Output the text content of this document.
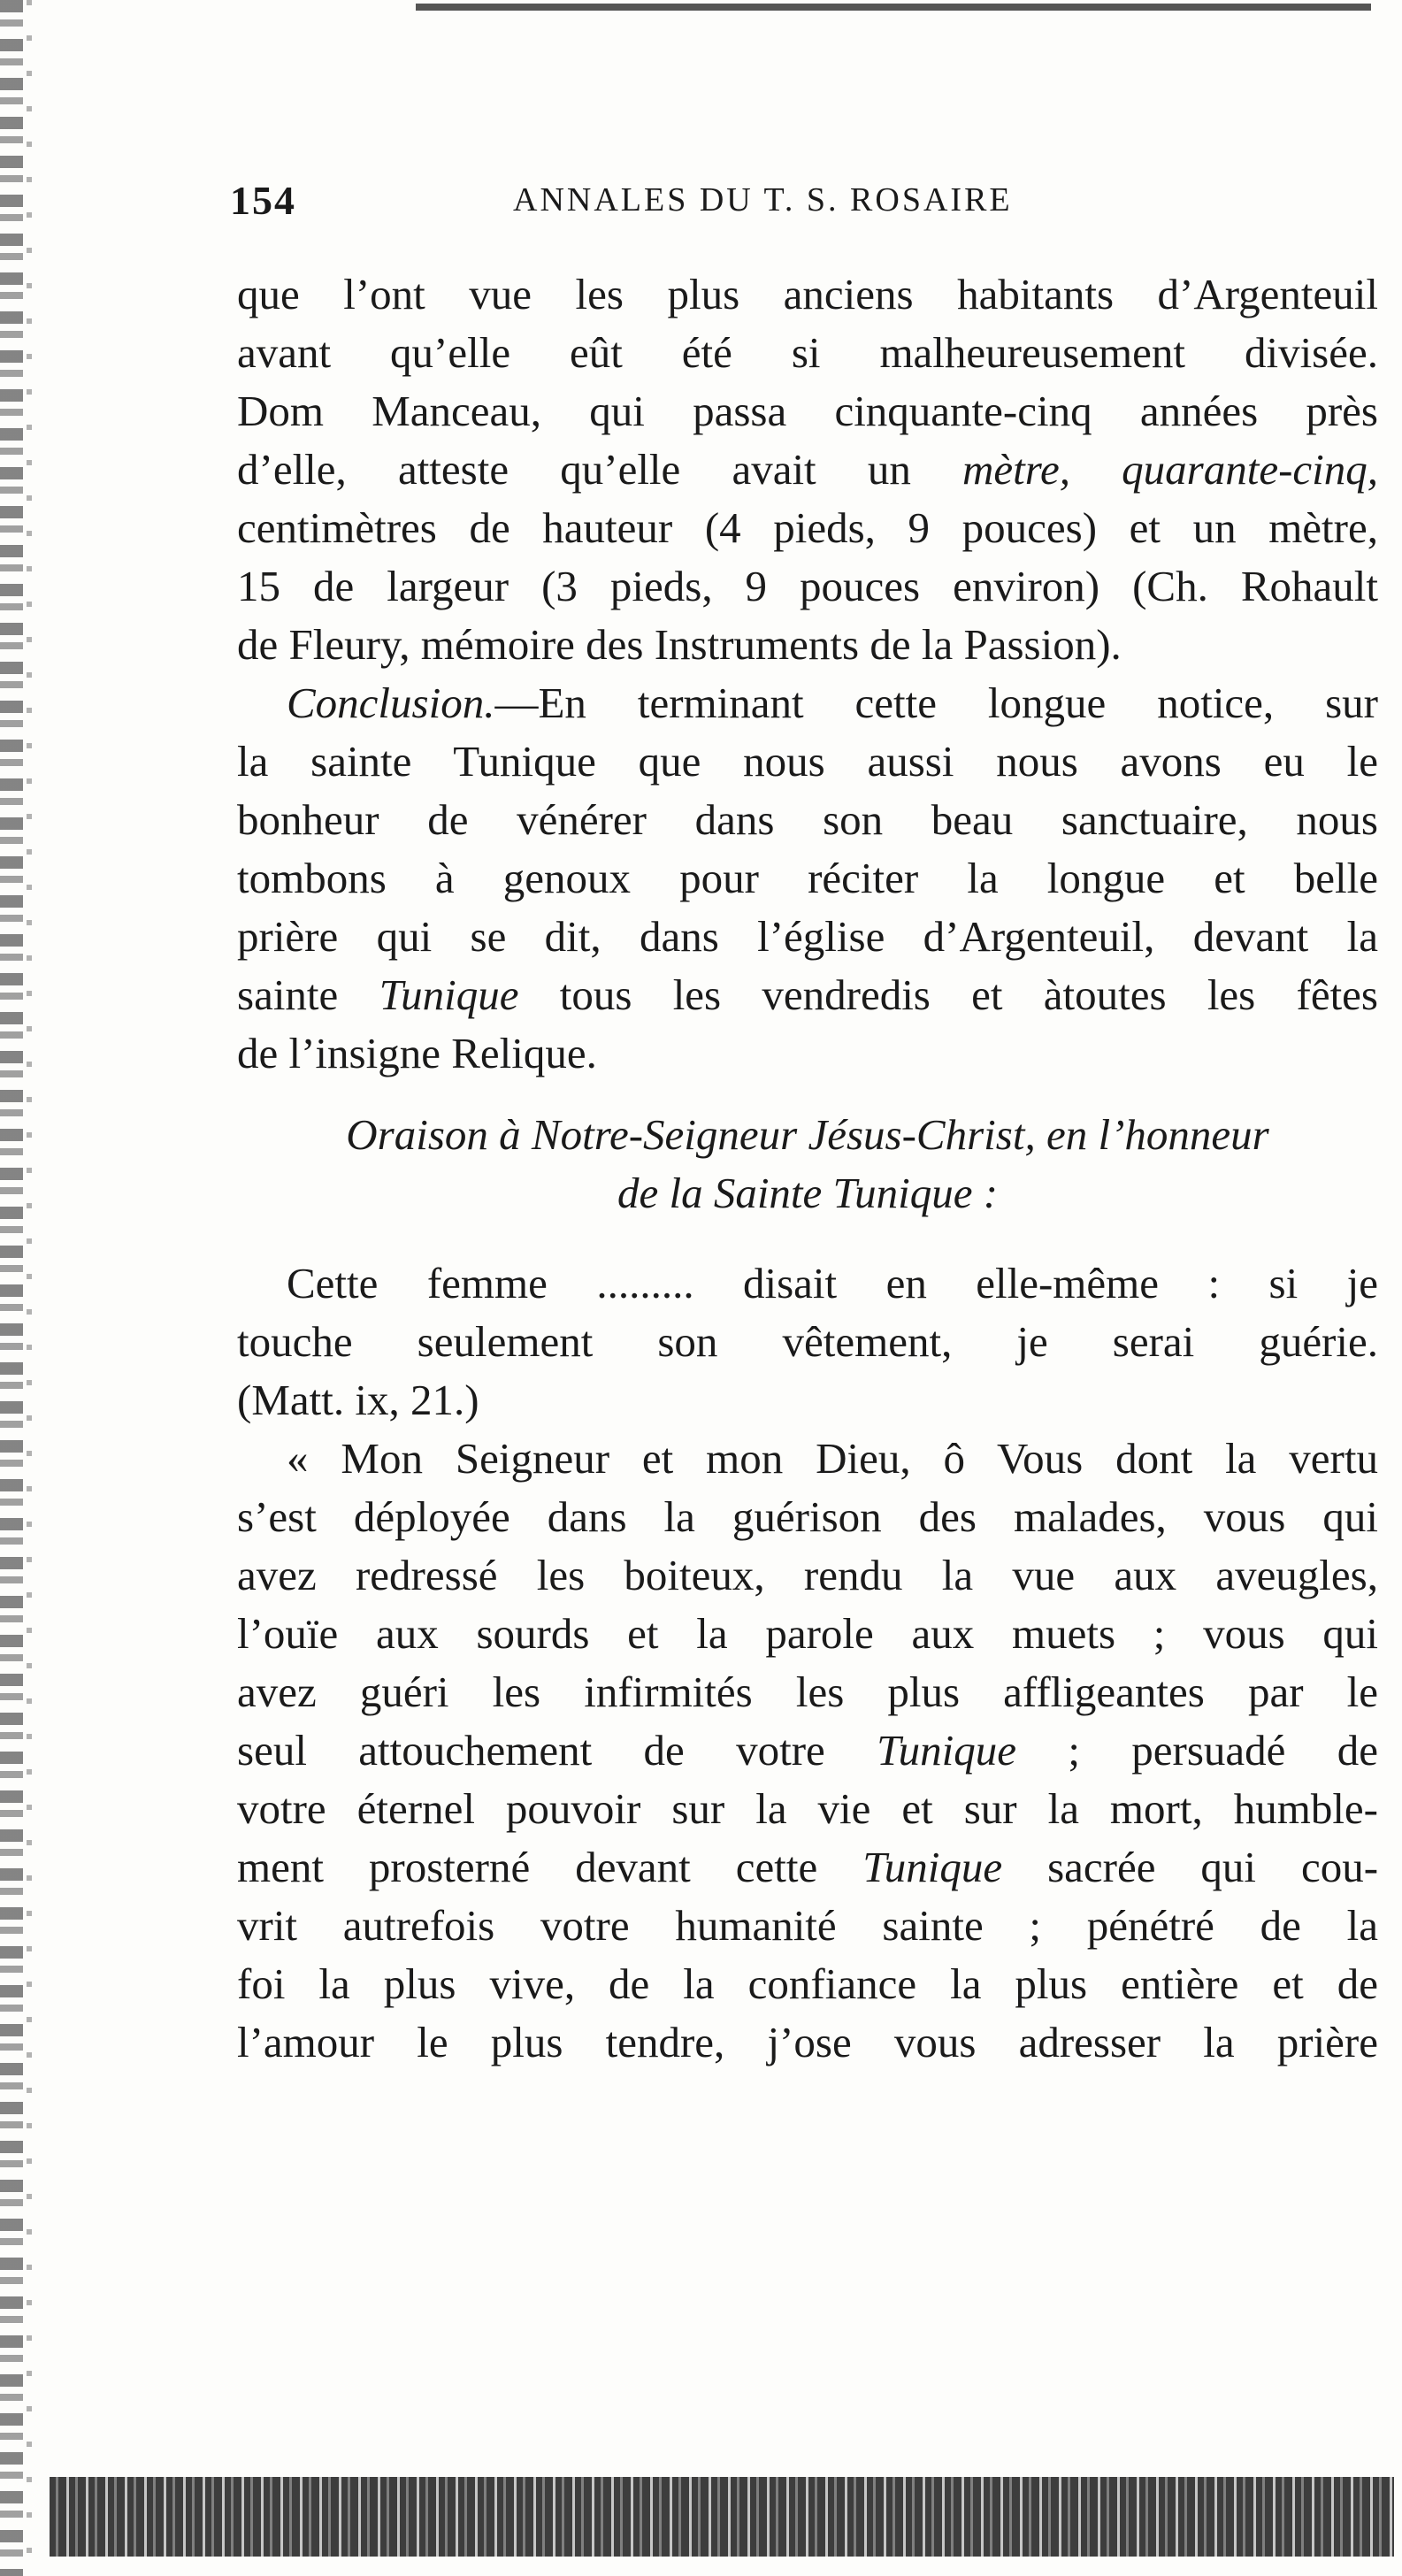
154	ANNALES DU T. S. ROSAIRE
que l’ont vue les plus anciens habitants d’Argenteuil
avant qu’elle eût été si malheureusement divisée.
Dom Manceau, qui passa cinquante-cinq années près
d’elle, atteste qu’elle avait un mètre, quarante-cinq,
centimètres de hauteur (4 pieds, 9 pouces) et un mètre,
15 de largeur (3 pieds, 9 pouces environ) (Ch. Rohault
de Fleury, mémoire des Instruments de la Passion).
Conclusion.—En terminant cette longue notice, sur
la sainte Tunique que nous aussi nous avons eu le
bonheur de vénérer dans son beau sanctuaire, nous
tombons à genoux pour réciter la longue et belle
prière qui se dit, dans l’église d’Argenteuil, devant la
sainte Tunique tous les vendredis et àtoutes les fêtes
de l’insigne Relique.
Oraison à Notre-Seigneur Jésus-Christ, en l’honneur
de la Sainte Tunique :
Cette femme ......... disait en elle-même : si je
touche seulement son vêtement, je serai guérie.
(Matt. ix, 21.)
« Mon Seigneur et mon Dieu, ô Vous dont la vertu
s’est déployée dans la guérison des malades, vous qui
avez redressé les boiteux, rendu la vue aux aveugles,
l’ouïe aux sourds et la parole aux muets ; vous qui
avez guéri les infirmités les plus affligeantes par le
seul attouchement de votre Tunique ; persuadé de
votre éternel pouvoir sur la vie et sur la mort, humble-
ment prosterné devant cette Tunique sacrée qui cou-
vrit autrefois votre humanité sainte ; pénétré de la
foi la plus vive, de la confiance la plus entière et de
l’amour le plus tendre, j’ose vous adresser la prière
